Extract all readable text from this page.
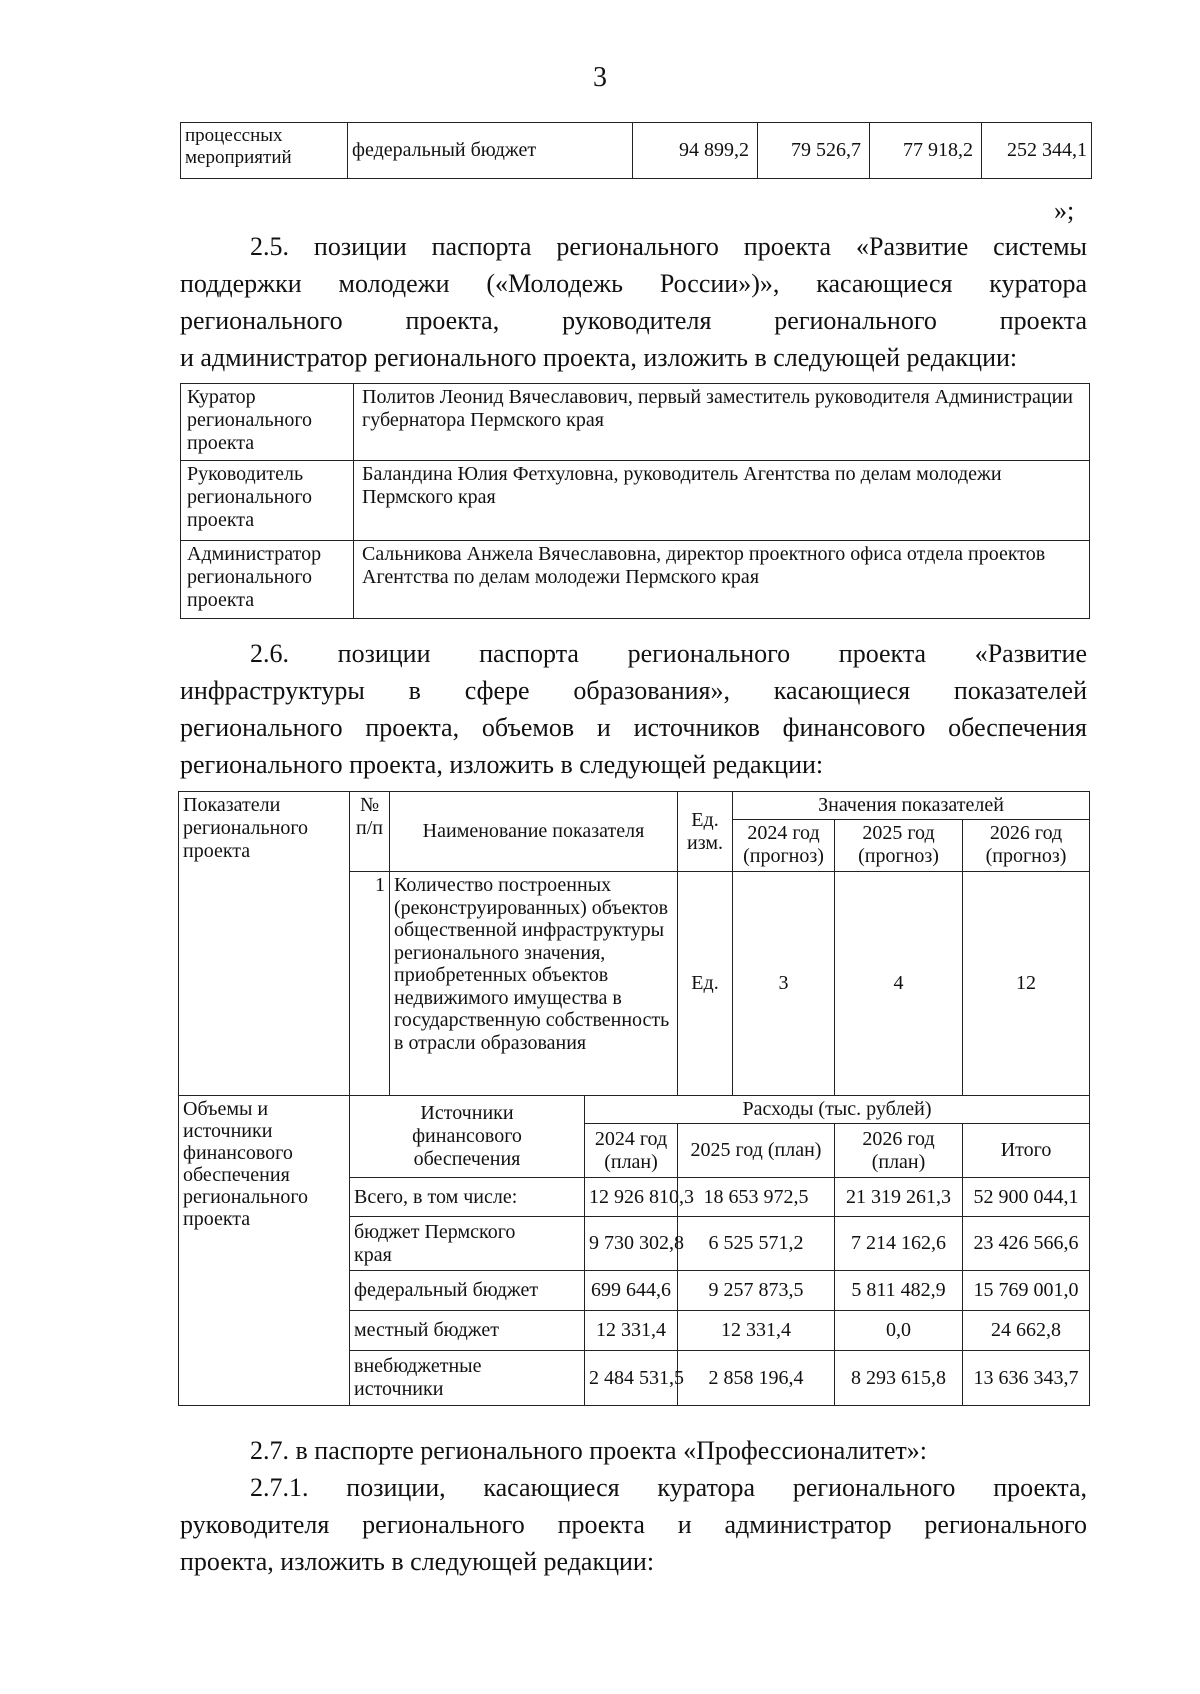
3
процессных мероприятий	федеральный бюджет	94 899,2	79 526,7	77 918,2	252 344,1
»;
2.5. позиции паспорта регионального проекта «Развитие системы
поддержки молодежи («Молодежь России»)», касающиеся куратора
регионального проекта, руководителя регионального проекта
и администратор регионального проекта, изложить в следующей редакции:
Куратор регионального проекта	Политов Леонид Вячеславович, первый заместитель руководителя Администрации губернатора Пермского края
Руководитель регионального проекта	Баландина Юлия Фетхуловна, руководитель Агентства по делам молодежи Пермского края
Администратор регионального проекта	Сальникова Анжела Вячеславовна, директор проектного офиса отдела проектов Агентства по делам молодежи Пермского края
2.6. позиции паспорта регионального проекта «Развитие
инфраструктуры в сфере образования», касающиеся показателей
регионального проекта, объемов и источников финансового обеспечения
регионального проекта, изложить в следующей редакции:
Показатели регионального проекта	№ п/п	Наименование показателя		Ед. изм.	Значения показателей		
					2024 год (прогноз)	2025 год (прогноз)	2026 год (прогноз)
	1	Количество построенных (реконструированных) объектов общественной инфраструктуры регионального значения, приобретенных объектов недвижимого имущества в государственную собственность в отрасли образования		Ед.	3	4	12
Объемы и источники финансового обеспечения регионального проекта	Источники финансового обеспечения		Расходы (тыс. рублей)				
			2024 год (план)	2025 год (план)		2026 год (план)	Итого
	Всего, в том числе:		12 926 810,3	18 653 972,5		21 319 261,3	52 900 044,1
	бюджет Пермского края		9 730 302,8	6 525 571,2		7 214 162,6	23 426 566,6
	федеральный бюджет		699 644,6	9 257 873,5		5 811 482,9	15 769 001,0
	местный бюджет		12 331,4	12 331,4		0,0	24 662,8
	внебюджетные источники		2 484 531,5	2 858 196,4		8 293 615,8	13 636 343,7
2.7. в паспорте регионального проекта «Профессионалитет»:
2.7.1. позиции, касающиеся куратора регионального проекта,
руководителя регионального проекта и администратор регионального
проекта, изложить в следующей редакции:
